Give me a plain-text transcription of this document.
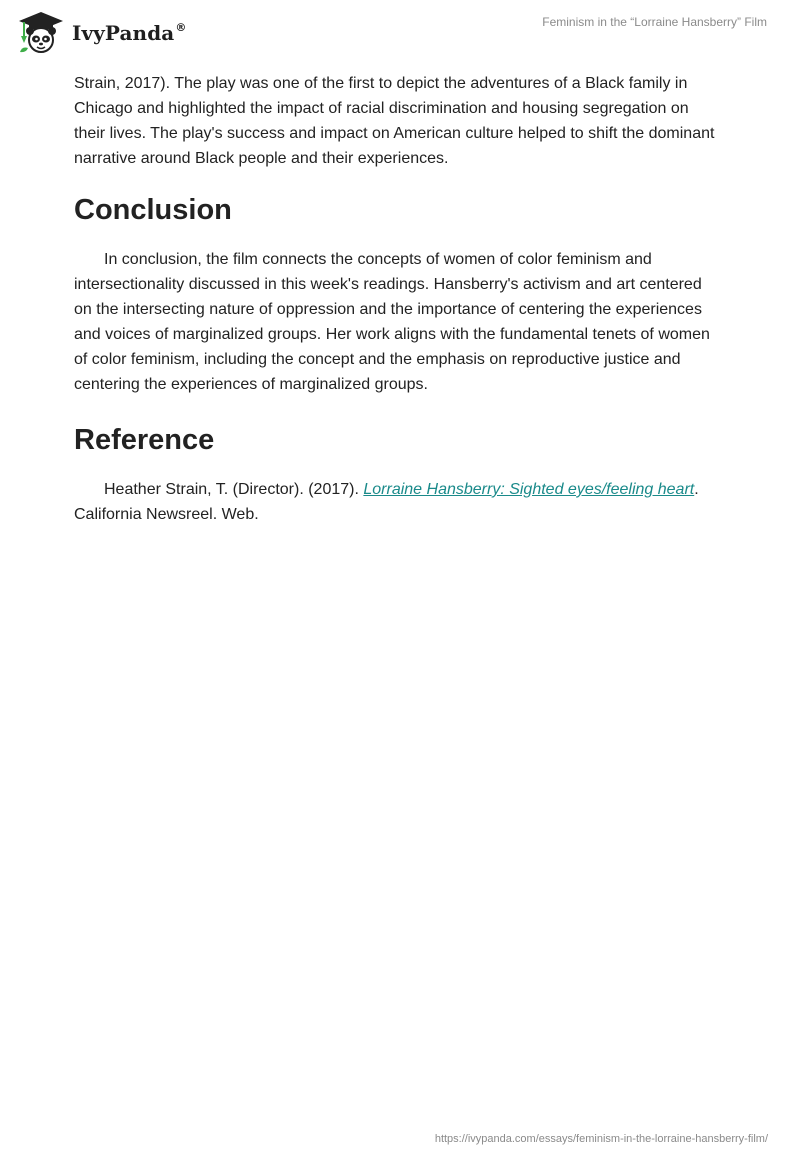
IvyPanda®	Feminism in the “Lorraine Hansberry” Film

Strain, 2017). The play was one of the first to depict the adventures of a Black family in Chicago and highlighted the impact of racial discrimination and housing segregation on their lives. The play's success and impact on American culture helped to shift the dominant narrative around Black people and their experiences.

Conclusion

In conclusion, the film connects the concepts of women of color feminism and intersectionality discussed in this week's readings. Hansberry's activism and art centered on the intersecting nature of oppression and the importance of centering the experiences and voices of marginalized groups. Her work aligns with the fundamental tenets of women of color feminism, including the concept and the emphasis on reproductive justice and centering the experiences of marginalized groups.

Reference

Heather Strain, T. (Director). (2017). Lorraine Hansberry: Sighted eyes/feeling heart. California Newsreel. Web.

https://ivypanda.com/essays/feminism-in-the-lorraine-hansberry-film/
